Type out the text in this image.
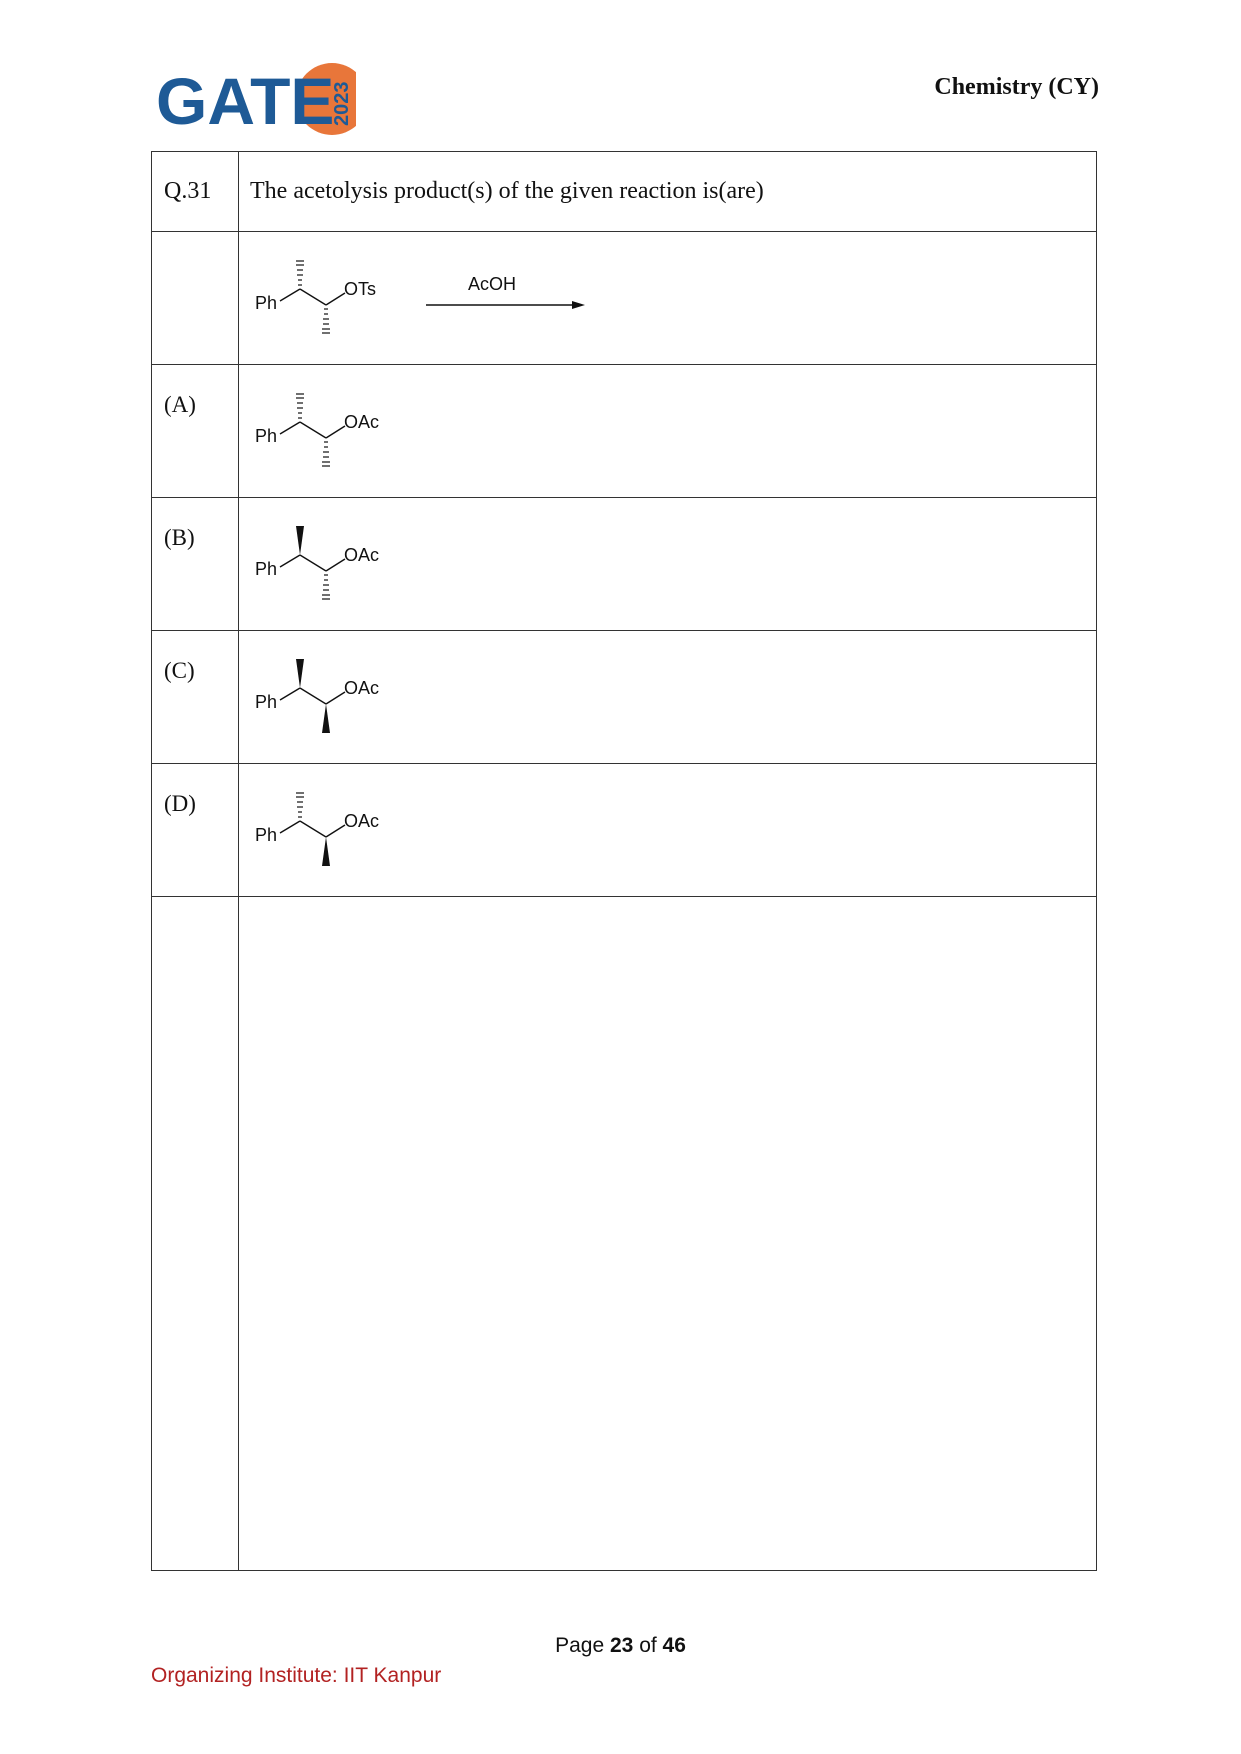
GATE
2023	Chemistry (CY)
Q.31	The acetolysis product(s) of the given reaction is(are)

Ph
OTs AcOH

(A)	Ph
OAc

(B)	Ph
OAc

(C)	Ph
OAc

(D)	Ph
OAc

Page 23 of 46
Organizing Institute: IIT Kanpur
